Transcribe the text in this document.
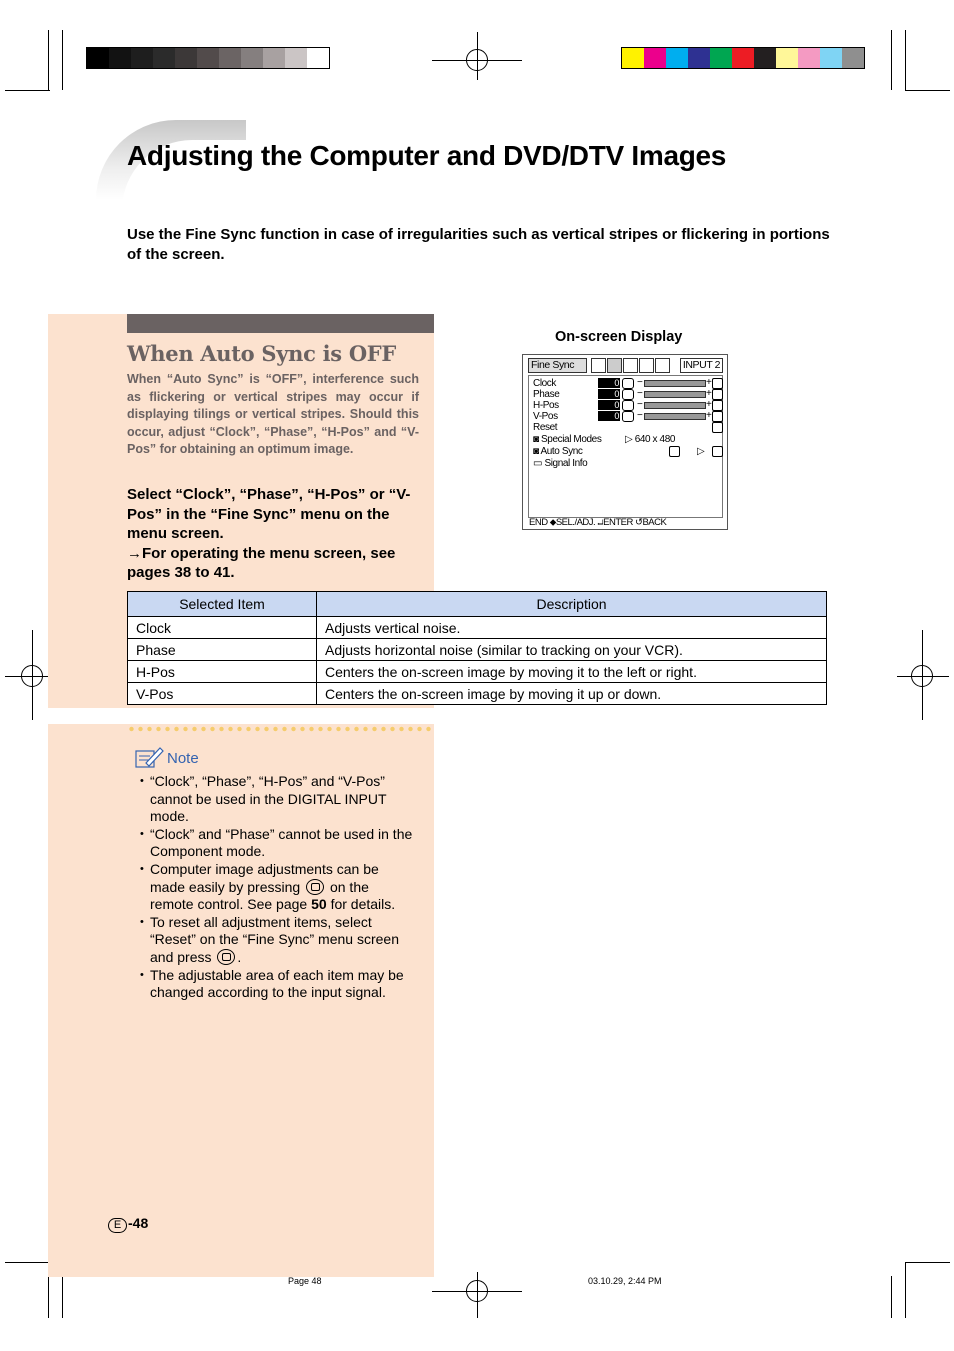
Adjusting the Computer and DVD/DTV Images
Use the Fine Sync function in case of irregularities such as vertical stripes or flickering in portions of the screen.
When Auto Sync is OFF
When “Auto Sync” is “OFF”, interference such as flickering or vertical stripes may occur if displaying tilings or vertical stripes. Should this occur, adjust “Clock”, “Phase”, “H-Pos” and “V-Pos” for obtaining an optimum image.
Select “Clock”, “Phase”, “H-Pos” or “V-Pos” in the “Fine Sync” menu on the menu screen.
→For operating the menu screen, see pages 38 to 41.
On-screen Display
Fine Sync	INPUT 2
Clock	0 −	+
Phase	0 −	+
H-Pos	0 −	+
V-Pos	0 −	+
Reset
◙ Special Modes ▷ 640 x 480
◙ Auto Sync	▷
▭ Signal Info
END ⬥SEL./ADJ. ↵ENTER ↺BACK
Selected Item	Description
Clock	Adjusts vertical noise.
Phase	Adjusts horizontal noise (similar to tracking on your VCR).
H-Pos	Centers the on-screen image by moving it to the left or right.
V-Pos	Centers the on-screen image by moving it up or down.
Note
• “Clock”, “Phase”, “H-Pos” and “V-Pos” cannot be used in the DIGITAL INPUT mode.
• “Clock” and “Phase” cannot be used in the Component mode.
• Computer image adjustments can be made easily by pressing on the remote control. See page 50 for details.
• To reset all adjustment items, select “Reset” on the “Fine Sync” menu screen and press .
• The adjustable area of each item may be changed according to the input signal.
E -48
Page 48	03.10.29, 2:44 PM
